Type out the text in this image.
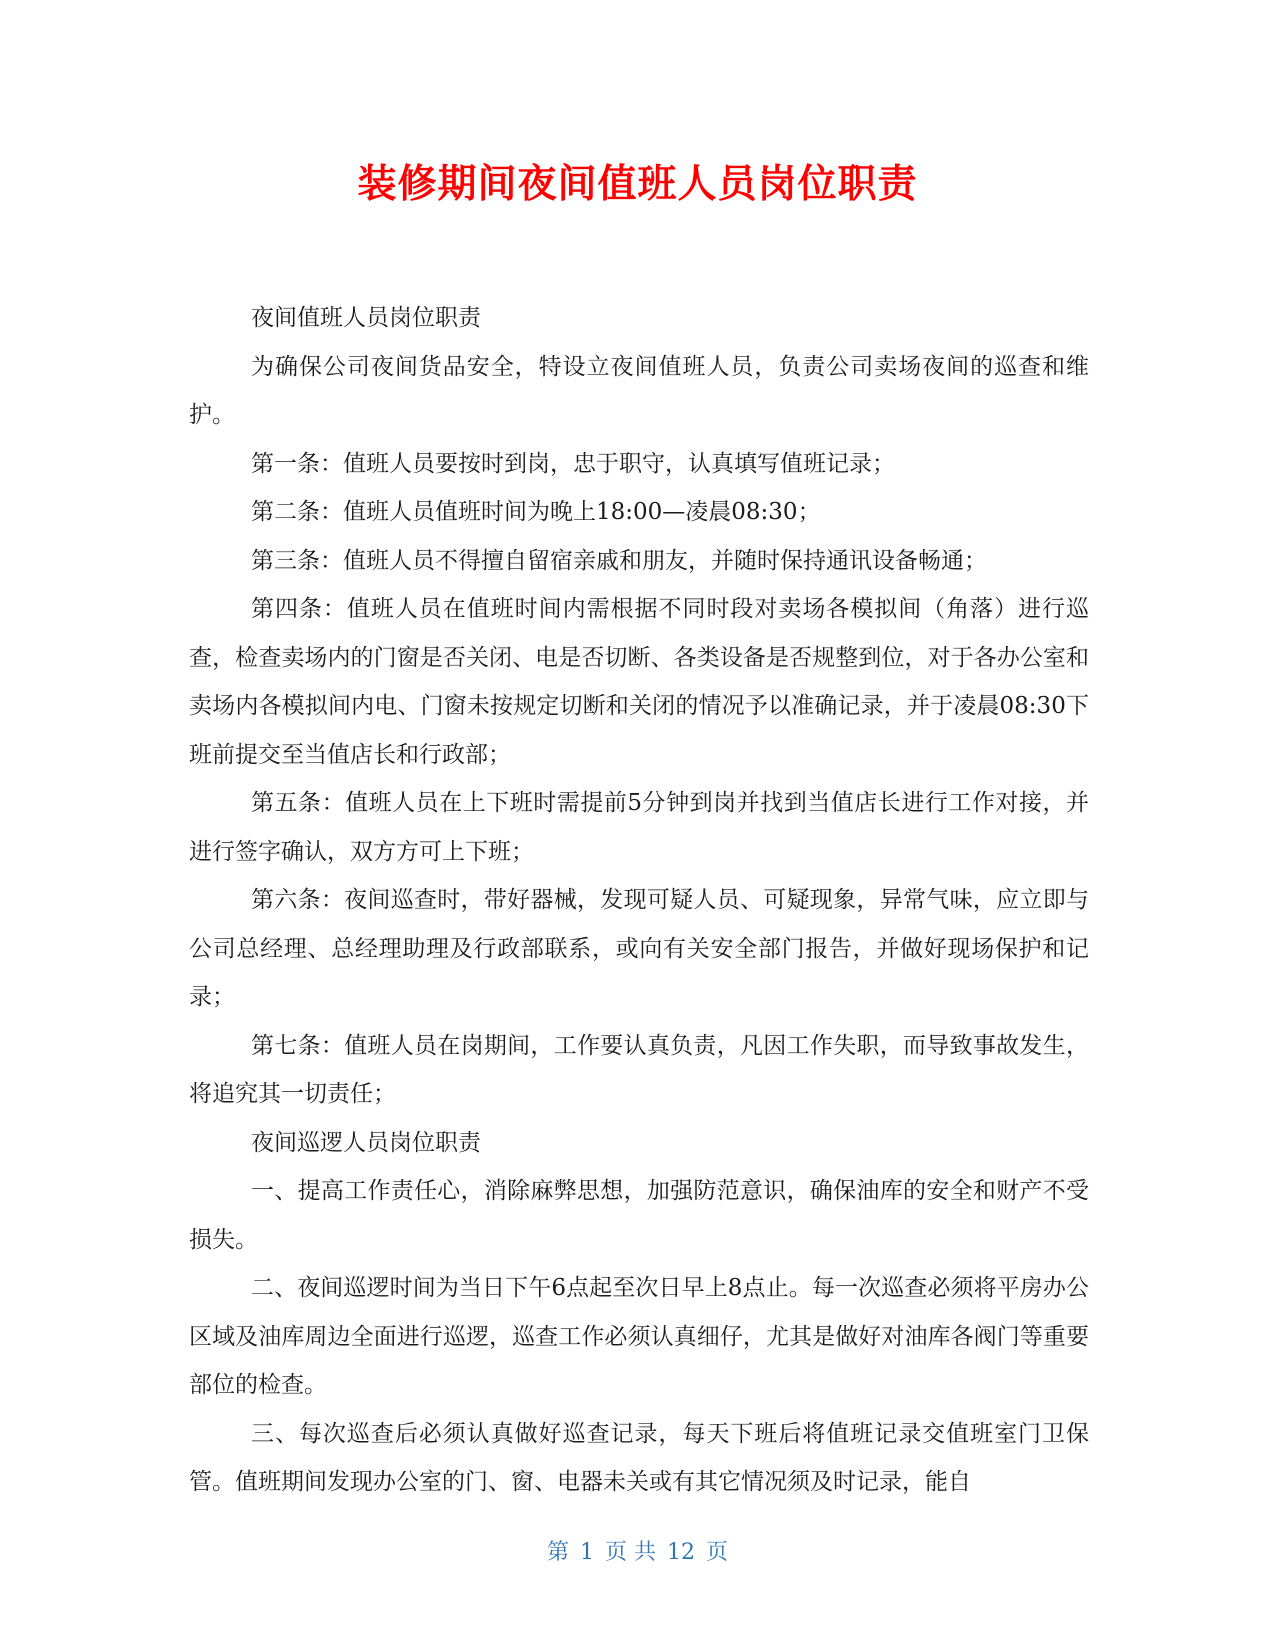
装修期间夜间值班人员岗位职责

夜间值班人员岗位职责

为确保公司夜间货品安全，特设立夜间值班人员，负责公司卖场夜间的巡查和维护。

第一条：值班人员要按时到岗，忠于职守，认真填写值班记录；

第二条：值班人员值班时间为晚上18:00—凌晨08:30；

第三条：值班人员不得擅自留宿亲戚和朋友，并随时保持通讯设备畅通；

第四条：值班人员在值班时间内需根据不同时段对卖场各模拟间（角落）进行巡查，检查卖场内的门窗是否关闭、电是否切断、各类设备是否规整到位，对于各办公室和卖场内各模拟间内电、门窗未按规定切断和关闭的情况予以准确记录，并于凌晨08:30下班前提交至当值店长和行政部；

第五条：值班人员在上下班时需提前5分钟到岗并找到当值店长进行工作对接，并进行签字确认，双方方可上下班；

第六条：夜间巡查时，带好器械，发现可疑人员、可疑现象，异常气味，应立即与公司总经理、总经理助理及行政部联系，或向有关安全部门报告，并做好现场保护和记录；

第七条：值班人员在岗期间，工作要认真负责，凡因工作失职，而导致事故发生，将追究其一切责任；

夜间巡逻人员岗位职责

一、提高工作责任心，消除麻弊思想，加强防范意识，确保油库的安全和财产不受损失。

二、夜间巡逻时间为当日下午6点起至次日早上8点止。每一次巡查必须将平房办公区域及油库周边全面进行巡逻，巡查工作必须认真细仔，尤其是做好对油库各阀门等重要部位的检查。

三、每次巡查后必须认真做好巡查记录，每天下班后将值班记录交值班室门卫保管。值班期间发现办公室的门、窗、电器未关或有其它情况须及时记录，能自

第 1 页 共 12 页
